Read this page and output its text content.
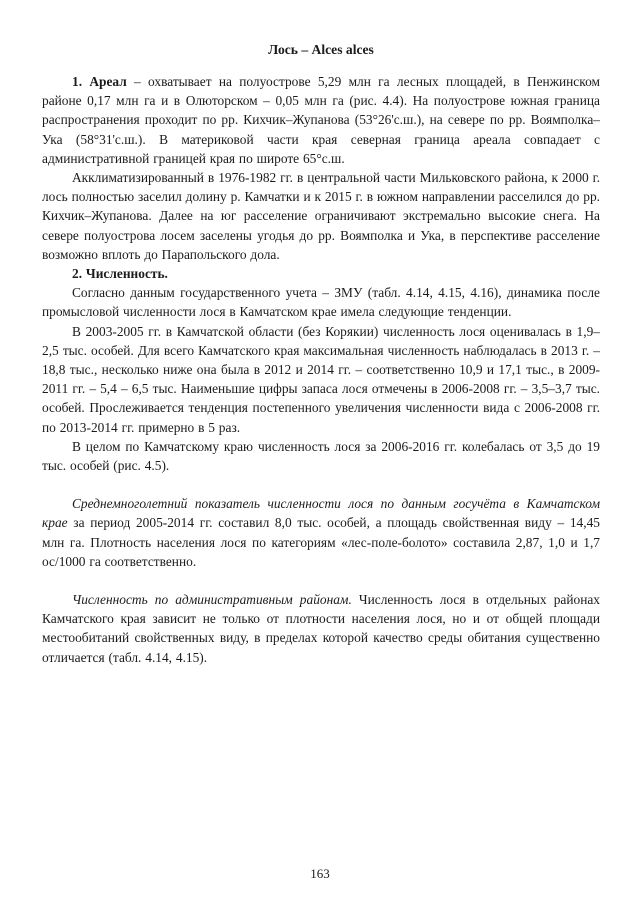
Лось – Alces alces

1. Ареал – охватывает на полуострове 5,29 млн га лесных площадей, в Пенжинском районе 0,17 млн га и в Олюторском – 0,05 млн га (рис. 4.4). На полуострове южная граница распространения проходит по рр. Кихчик–Жупанова (53°26'с.ш.), на севере по рр. Воямполка–Ука (58°31'с.ш.). В материковой части края северная граница ареала совпадает с административной границей края по широте 65°с.ш.

Акклиматизированный в 1976-1982 гг. в центральной части Мильковского района, к 2000 г. лось полностью заселил долину р. Камчатки и к 2015 г. в южном направлении расселился до рр. Кихчик–Жупанова. Далее на юг расселение ограничивают экстремально высокие снега. На севере полуострова лосем заселены угодья до рр. Воямполка и Ука, в перспективе расселение возможно вплоть до Парапольского дола.

2. Численность.

Согласно данным государственного учета – ЗМУ (табл. 4.14, 4.15, 4.16), динамика после промысловой численности лося в Камчатском крае имела следующие тенденции.

В 2003-2005 гг. в Камчатской области (без Корякии) численность лося оценивалась в 1,9–2,5 тыс. особей. Для всего Камчатского края максимальная численность наблюдалась в 2013 г. – 18,8 тыс., несколько ниже она была в 2012 и 2014 гг. – соответственно 10,9 и 17,1 тыс., в 2009-2011 гг. – 5,4 – 6,5 тыс. Наименьшие цифры запаса лося отмечены в 2006-2008 гг. – 3,5–3,7 тыс. особей. Прослеживается тенденция постепенного увеличения численности вида с 2006-2008 гг. по 2013-2014 гг. примерно в 5 раз.

В целом по Камчатскому краю численность лося за 2006-2016 гг. колебалась от 3,5 до 19 тыс. особей (рис. 4.5).

Среднемноголетний показатель численности лося по данным госучёта в Камчатском крае за период 2005-2014 гг. составил 8,0 тыс. особей, а площадь свойственная виду – 14,45 млн га. Плотность населения лося по категориям «лес-поле-болото» составила 2,87, 1,0 и 1,7 ос/1000 га соответственно.

Численность по административным районам. Численность лося в отдельных районах Камчатского края зависит не только от плотности населения лося, но и от общей площади местообитаний свойственных виду, в пределах которой качество среды обитания существенно отличается (табл. 4.14, 4.15).

163
